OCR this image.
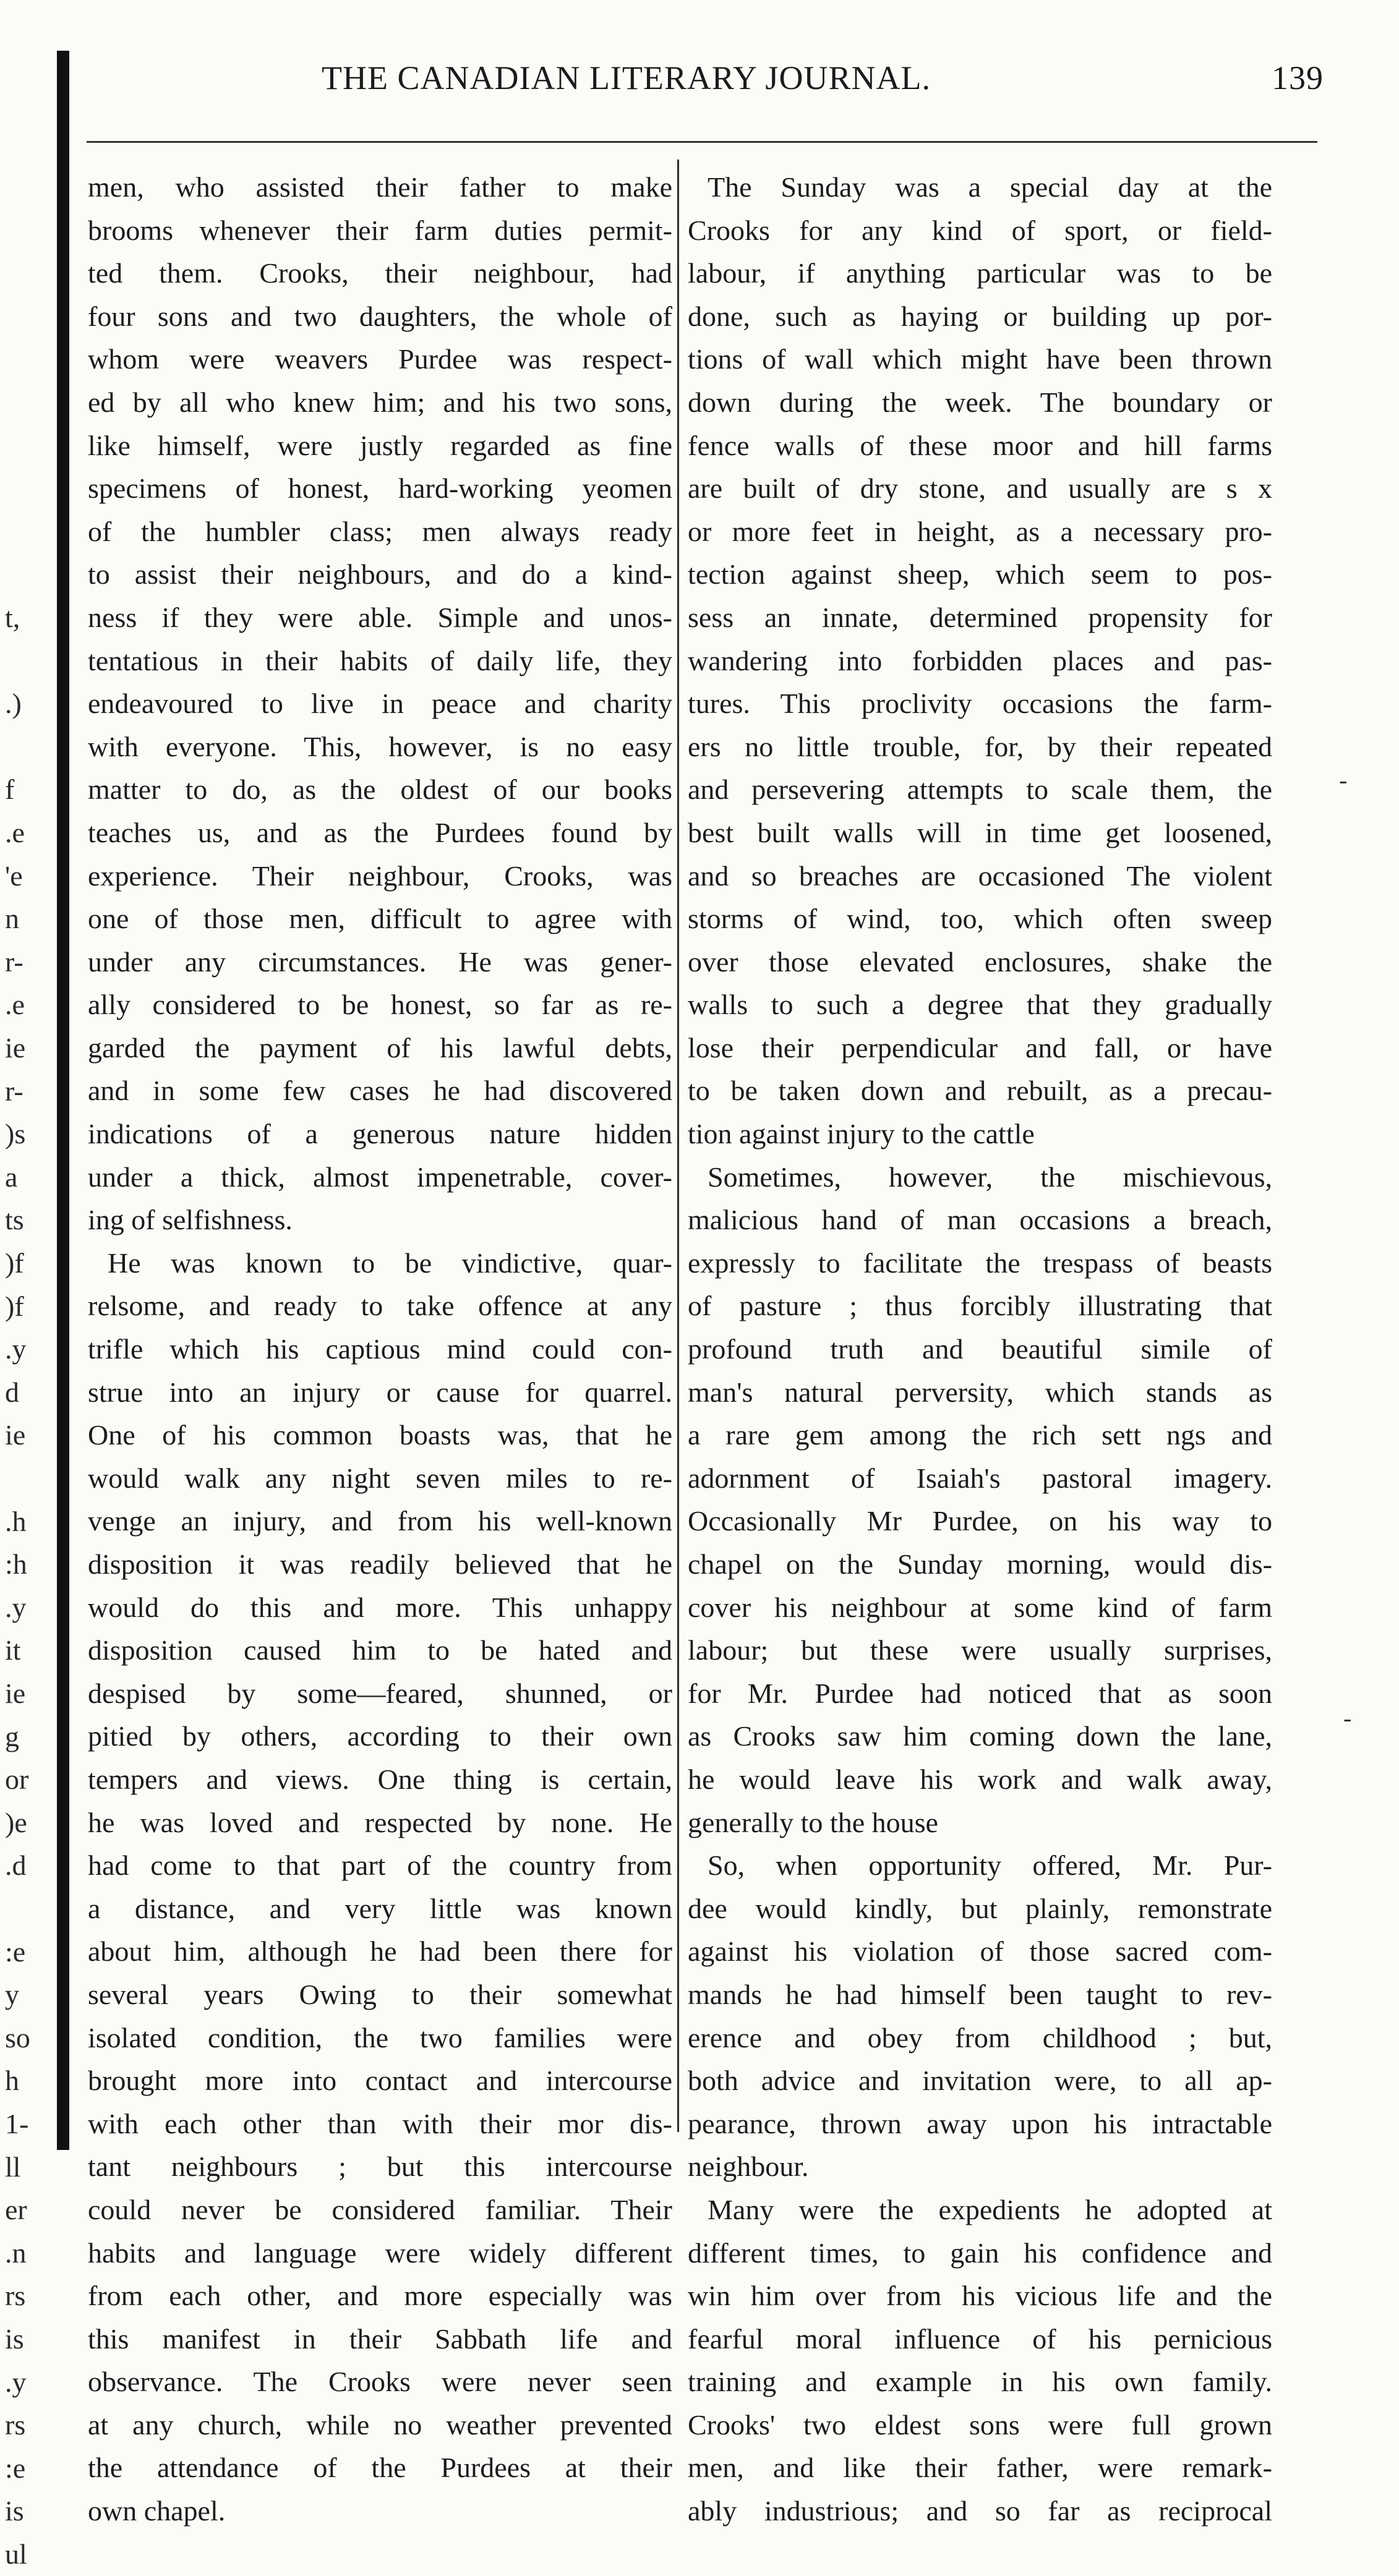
THE CANADIAN LITERARY JOURNAL.	139
t,
.)
f
.e
'e
n
r-
.e
ie
r-
)s
a
ts
)f
)f
.y
d
ie
.h
:h
.y
it
ie
g
or
)e
.d
:e
y
so
h
1-
ll
er
.n
rs
is
.y
rs
:e
is
ul
men, who assisted their father to make
brooms whenever their farm duties permit-
ted them. Crooks, their neighbour, had
four sons and two daughters, the whole of
whom were weavers Purdee was respect-
ed by all who knew him; and his two sons,
like himself, were justly regarded as fine
specimens of honest, hard-working yeomen
of the humbler class; men always ready
to assist their neighbours, and do a kind-
ness if they were able. Simple and unos-
tentatious in their habits of daily life, they
endeavoured to live in peace and charity
with everyone. This, however, is no easy
matter to do, as the oldest of our books
teaches us, and as the Purdees found by
experience. Their neighbour, Crooks, was
one of those men, difficult to agree with
under any circumstances. He was gener-
ally considered to be honest, so far as re-
garded the payment of his lawful debts,
and in some few cases he had discovered
indications of a generous nature hidden
under a thick, almost impenetrable, cover-
ing of selfishness.
He was known to be vindictive, quar-
relsome, and ready to take offence at any
trifle which his captious mind could con-
strue into an injury or cause for quarrel.
One of his common boasts was, that he
would walk any night seven miles to re-
venge an injury, and from his well-known
disposition it was readily believed that he
would do this and more. This unhappy
disposition caused him to be hated and
despised by some—feared, shunned, or
pitied by others, according to their own
tempers and views. One thing is certain,
he was loved and respected by none. He
had come to that part of the country from
a distance, and very little was known
about him, although he had been there for
several years Owing to their somewhat
isolated condition, the two families were
brought more into contact and intercourse
with each other than with their mor dis-
tant neighbours ; but this intercourse
could never be considered familiar. Their
habits and language were widely different
from each other, and more especially was
this manifest in their Sabbath life and
observance. The Crooks were never seen
at any church, while no weather prevented
the attendance of the Purdees at their
own chapel.
The Sunday was a special day at the
Crooks for any kind of sport, or field-
labour, if anything particular was to be
done, such as haying or building up por-
tions of wall which might have been thrown
down during the week. The boundary or
fence walls of these moor and hill farms
are built of dry stone, and usually are s x
or more feet in height, as a necessary pro-
tection against sheep, which seem to pos-
sess an innate, determined propensity for
wandering into forbidden places and pas-
tures. This proclivity occasions the farm-
ers no little trouble, for, by their repeated
and persevering attempts to scale them, the
best built walls will in time get loosened,
and so breaches are occasioned The violent
storms of wind, too, which often sweep
over those elevated enclosures, shake the
walls to such a degree that they gradually
lose their perpendicular and fall, or have
to be taken down and rebuilt, as a precau-
tion against injury to the cattle
Sometimes, however, the mischievous,
malicious hand of man occasions a breach,
expressly to facilitate the trespass of beasts
of pasture ; thus forcibly illustrating that
profound truth and beautiful simile of
man's natural perversity, which stands as
a rare gem among the rich sett ngs and
adornment of Isaiah's pastoral imagery.
Occasionally Mr Purdee, on his way to
chapel on the Sunday morning, would dis-
cover his neighbour at some kind of farm
labour; but these were usually surprises,
for Mr. Purdee had noticed that as soon
as Crooks saw him coming down the lane,
he would leave his work and walk away,
generally to the house
So, when opportunity offered, Mr. Pur-
dee would kindly, but plainly, remonstrate
against his violation of those sacred com-
mands he had himself been taught to rev-
erence and obey from childhood ; but,
both advice and invitation were, to all ap-
pearance, thrown away upon his intractable
neighbour.
Many were the expedients he adopted at
different times, to gain his confidence and
win him over from his vicious life and the
fearful moral influence of his pernicious
training and example in his own family.
Crooks' two eldest sons were full grown
men, and like their father, were remark-
ably industrious; and so far as reciprocal
-
-
